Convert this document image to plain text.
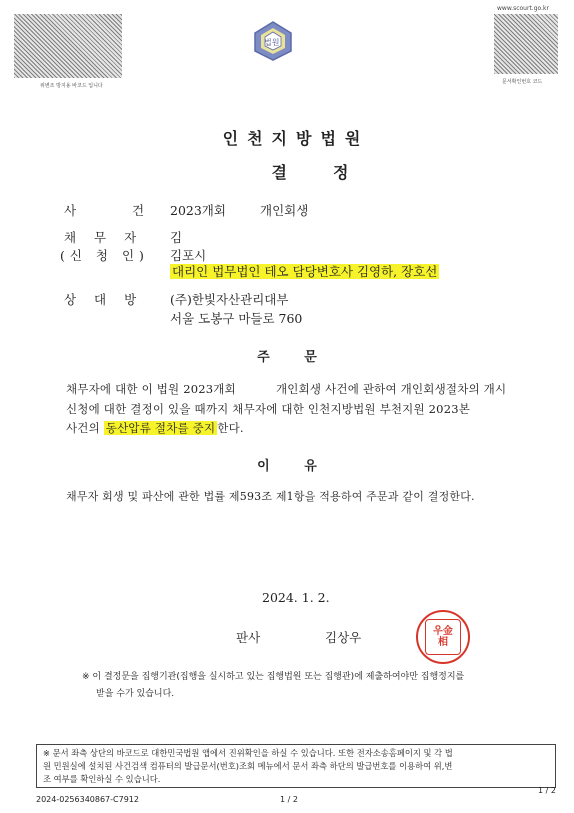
위변조 방지용 바코드 입니다
법원
www.scourt.go.kr
문서확인번호 코드
인천지방법원
결정
사 건 2023개회	개인회생
채 무 자 김
(신 청 인) 김포시
대리인 법무법인 테오 담당변호사 김영하, 장호선
상 대 방 (주)한빛자산관리대부
서울 도봉구 마들로 760
주 문
채무자에 대한 이 법원 2023개회	개인회생 사건에 관하여 개인회생절차의 개시
신청에 대한 결정이 있을 때까지 채무자에 대한 인천지방법원 부천지원 2023본
사건의 동산압류 절차를 중지 한다.
이 유
채무자 회생 및 파산에 관한 법률 제593조 제1항을 적용하여 주문과 같이 결정한다.
2024. 1. 2.
판사	김상우	우金相
※ 이 결정문을 집행기관(집행을 실시하고 있는 집행법원 또는 집행관)에 제출하여야만 집행정지를
받을 수가 있습니다.
※ 문서 좌측 상단의 바코드로 대한민국법원 앱에서 진위확인을 하실 수 있습니다. 또한 전자소송홈페이지 및 각 법
원 민원실에 설치된 사건검색 컴퓨터의 발급문서(번호)조회 메뉴에서 문서 좌측 하단의 발급번호를 이용하여 위,변
조 여부를 확인하실 수 있습니다.
2024-0256340867-C7912	1 / 2
1 / 2
